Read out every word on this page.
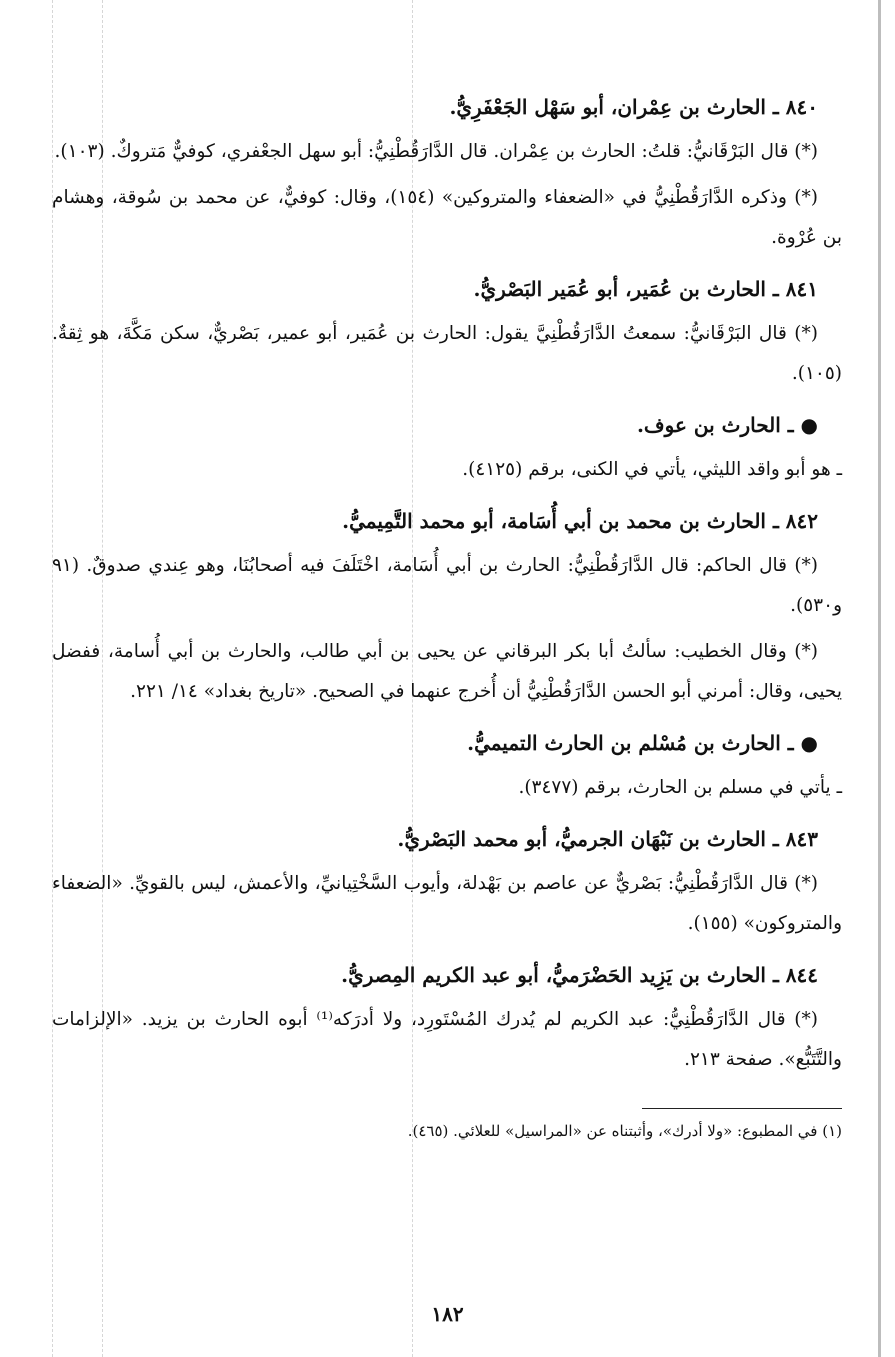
٨٤٠ ـ الحارث بن عِمْران، أبو سَهْل الجَعْفَرِيُّ.

(*) قال البَرْقَانيُّ: قلتُ: الحارث بن عِمْران. قال الدَّارَقُطْنِيُّ: أبو سهل الجعْفري، كوفيٌّ مَتروكٌ. (١٠٣).

(*) وذكره الدَّارَقُطْنِيُّ في «الضعفاء والمتروكين» (١٥٤)، وقال: كوفيٌّ، عن محمد بن سُوقة، وهشام بن عُرْوة.

٨٤١ ـ الحارث بن عُمَير، أبو عُمَير البَصْريُّ.

(*) قال البَرْقَانيُّ: سمعتُ الدَّارَقُطْنِيَّ يقول: الحارث بن عُمَير، أبو عمير، بَصْريٌّ، سكن مَكَّةَ، هو ثِقةٌ. (١٠٥).

● ـ الحارث بن عوف.

ـ هو أبو واقد الليثي، يأتي في الكنى، برقم (٤١٢٥).

٨٤٢ ـ الحارث بن محمد بن أبي أُسَامة، أبو محمد التَّمِيميُّ.

(*) قال الحاكم: قال الدَّارَقُطْنِيُّ: الحارث بن أبي أُسَامة، اخْتَلَفَ فيه أصحابُنَا، وهو عِندي صدوقٌ. (٩١ و٥٣٠).

(*) وقال الخطيب: سألتُ أبا بكر البرقاني عن يحيى بن أبي طالب، والحارث بن أبي أُسامة، ففضل يحيى، وقال: أمرني أبو الحسن الدَّارَقُطْنِيُّ أن أُخرج عنهما في الصحيح. «تاريخ بغداد» ١٤/ ٢٢١.

● ـ الحارث بن مُسْلم بن الحارث التميميُّ.

ـ يأتي في مسلم بن الحارث، برقم (٣٤٧٧).

٨٤٣ ـ الحارث بن نَبْهَان الجرميُّ، أبو محمد البَصْريُّ.

(*) قال الدَّارَقُطْنِيُّ: بَصْريٌّ عن عاصم بن بَهْدلة، وأيوب السَّخْتِيانيِّ، والأعمش، ليس بالقويِّ. «الضعفاء والمتروكون» (١٥٥).

٨٤٤ ـ الحارث بن يَزِيد الحَضْرَميُّ، أبو عبد الكريم المِصريُّ.

(*) قال الدَّارَقُطْنِيُّ: عبد الكريم لم يُدرك المُسْتَورِد، ولا أدرَكه⁽¹⁾ أبوه الحارث بن يزيد. «الإلزامات والتَّتَبُّع». صفحة ٢١٣.

(١) في المطبوع: «ولا أدرك»، وأثبتناه عن «المراسيل» للعلائي. (٤٦٥).
١٨٢
